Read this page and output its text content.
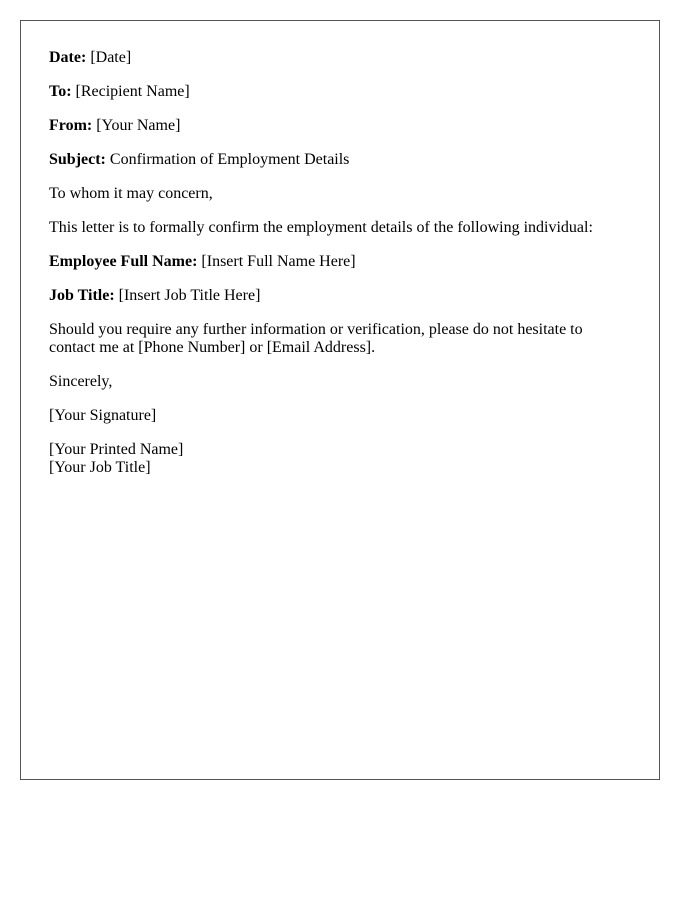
Date: [Date]

To: [Recipient Name]

From: [Your Name]

Subject: Confirmation of Employment Details

To whom it may concern,

This letter is to formally confirm the employment details of the following individual:

Employee Full Name: [Insert Full Name Here]

Job Title: [Insert Job Title Here]

Should you require any further information or verification, please do not hesitate to contact me at [Phone Number] or [Email Address].

Sincerely,

[Your Signature]

[Your Printed Name]
[Your Job Title]
